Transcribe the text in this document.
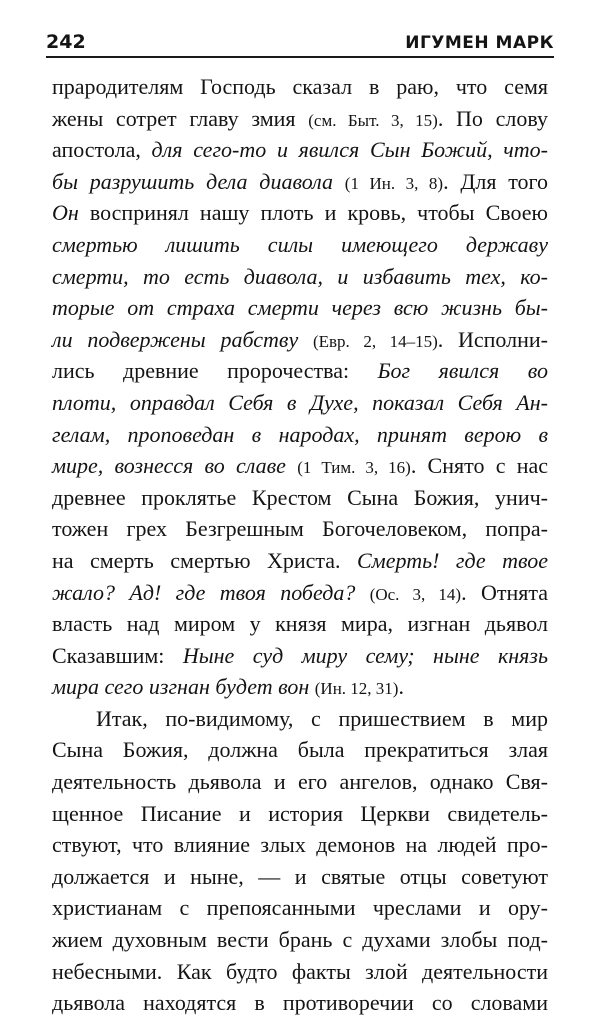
242	ИГУМЕН МАРК
прародителям Господь сказал в раю, что семя
жены сотрет главу змия (см. Быт. 3, 15). По слову
апостола, для сего-то и явился Сын Божий, что-
бы разрушить дела диавола (1 Ин. 3, 8). Для того
Он воспринял нашу плоть и кровь, чтобы Своею
смертью лишить силы имеющего державу
смерти, то есть диавола, и избавить тех, ко-
торые от страха смерти через всю жизнь бы-
ли подвержены рабству (Евр. 2, 14–15). Исполни-
лись древние пророчества: Бог явился во
плоти, оправдал Себя в Духе, показал Себя Ан-
гелам, проповедан в народах, принят верою в
мире, вознесся во славе (1 Тим. 3, 16). Снято с нас
древнее проклятье Крестом Сына Божия, унич-
тожен грех Безгрешным Богочеловеком, попра-
на смерть смертью Христа. Смерть! где твое
жало? Ад! где твоя победа? (Ос. 3, 14). Отнята
власть над миром у князя мира, изгнан дьявол
Сказавшим: Ныне суд миру сему; ныне князь
мира сего изгнан будет вон (Ин. 12, 31).
Итак, по-видимому, с пришествием в мир
Сына Божия, должна была прекратиться злая
деятельность дьявола и его ангелов, однако Свя-
щенное Писание и история Церкви свидетель-
ствуют, что влияние злых демонов на людей про-
должается и ныне, — и святые отцы советуют
христианам с препоясанными чреслами и ору-
жием духовным вести брань с духами злобы под-
небесными. Как будто факты злой деятельности
дьявола находятся в противоречии со словами
